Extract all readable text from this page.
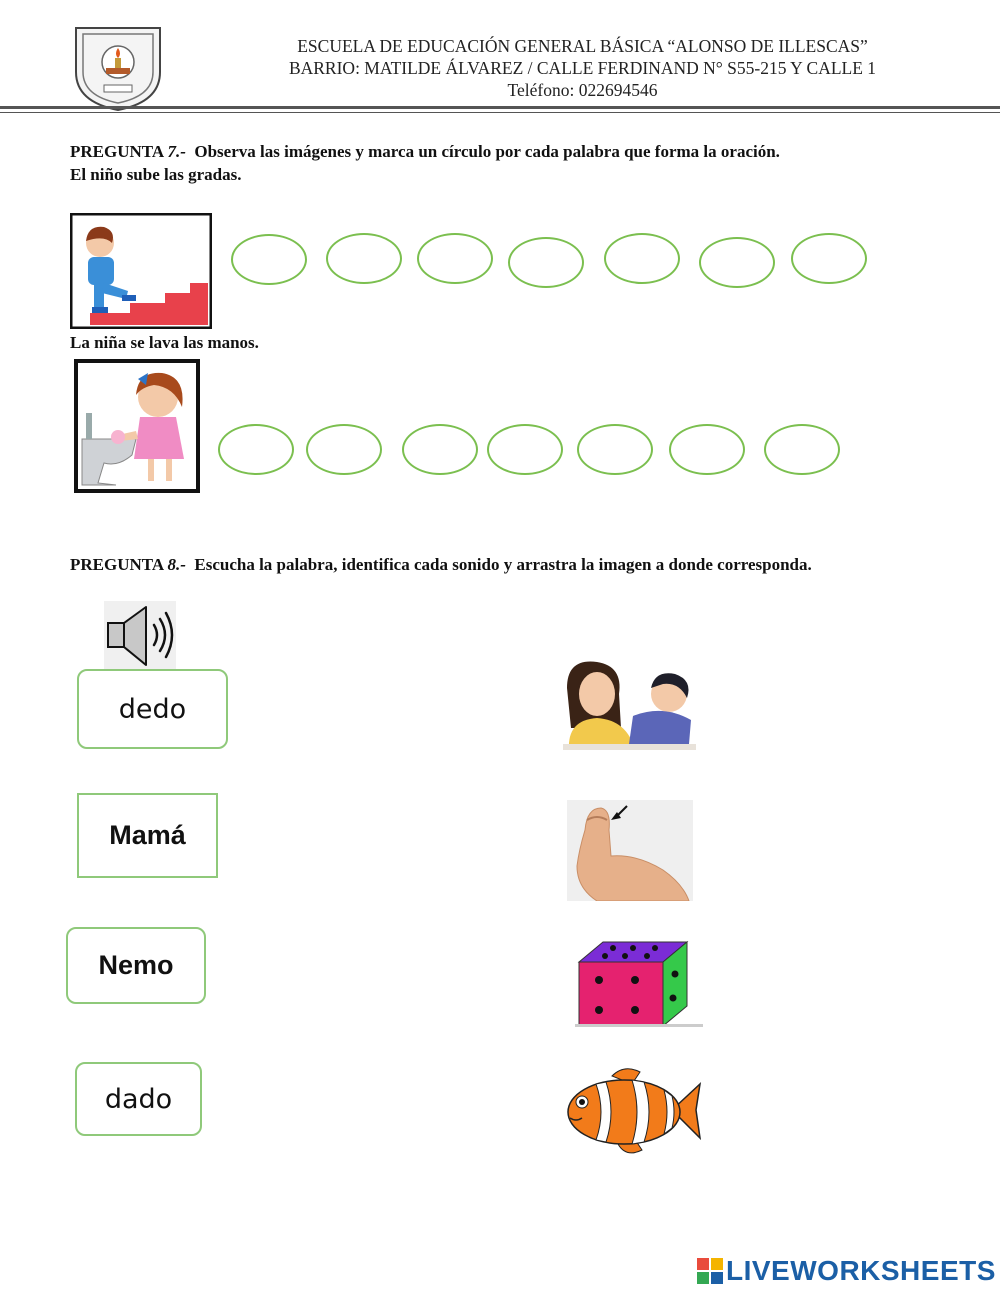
ESCUELA DE EDUCACIÓN GENERAL BÁSICA “ALONSO DE ILLESCAS”
BARRIO: MATILDE ÁLVAREZ / CALLE FERDINAND N° S55-215 Y CALLE 1
Teléfono: 022694546
PREGUNTA 7.- Observa las imágenes y marca un círculo por cada palabra que forma la oración.
El niño sube las gradas.
La niña se lava las manos.
PREGUNTA 8.- Escucha la palabra, identifica cada sonido y arrastra la imagen a donde corresponda.
dedo
Mamá
Nemo
dado
LIVEWORKSHEETS
